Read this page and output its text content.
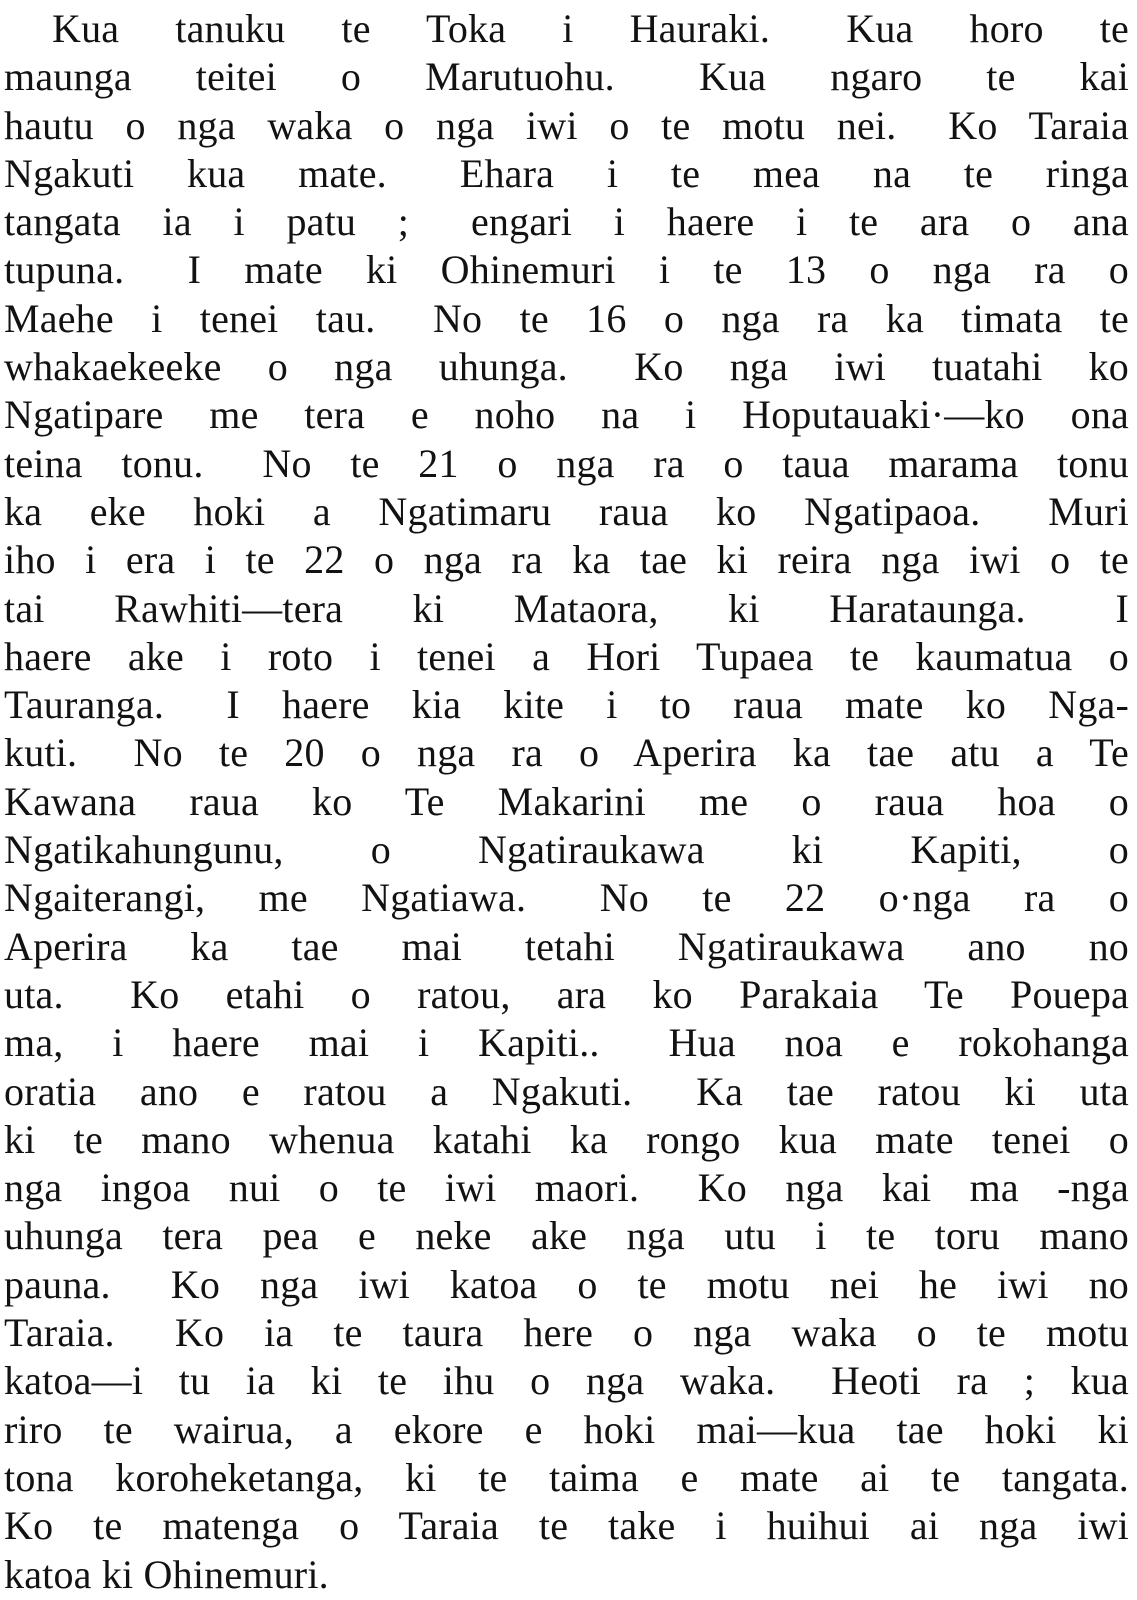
Kua tanuku te Toka i Hauraki.  Kua horo te
maunga teitei o Marutuohu.  Kua ngaro te kai
hautu o nga waka o nga iwi o te motu nei.  Ko Taraia
Ngakuti kua mate.  Ehara i te mea na te ringa
tangata ia i patu ;  engari i haere i te ara o ana
tupuna.  I mate ki Ohinemuri i te 13 o nga ra o
Maehe i tenei tau.  No te 16 o nga ra ka timata te
whakaekeeke o nga uhunga.  Ko nga iwi tuatahi ko
Ngatipare me tera e noho na i Hoputauaki·—ko ona
teina tonu.  No te 21 o nga ra o taua marama tonu
ka eke hoki a Ngatimaru raua ko Ngatipaoa.  Muri
iho i era i te 22 o nga ra ka tae ki reira nga iwi o te
tai Rawhiti—tera ki Mataora, ki Harataunga.  I
haere ake i roto i tenei a Hori Tupaea te kaumatua o
Tauranga.  I haere kia kite i to raua mate ko Nga-
kuti.  No te 20 o nga ra o Aperira ka tae atu a Te
Kawana raua ko Te Makarini me o raua hoa o
Ngatikahungunu, o Ngatiraukawa ki Kapiti, o
Ngaiterangi, me Ngatiawa.  No te 22 o·nga ra o
Aperira ka tae mai tetahi Ngatiraukawa ano no
uta.  Ko etahi o ratou, ara ko Parakaia Te Pouepa
ma, i haere mai i Kapiti..  Hua noa e rokohanga
oratia ano e ratou a Ngakuti.  Ka tae ratou ki uta
ki te mano whenua katahi ka rongo kua mate tenei o
nga ingoa nui o te iwi maori.  Ko nga kai ma -nga
uhunga tera pea e neke ake nga utu i te toru mano
pauna.  Ko nga iwi katoa o te motu nei he iwi no
Taraia.  Ko ia te taura here o nga waka o te motu
katoa—i tu ia ki te ihu o nga waka.  Heoti ra ; kua
riro te wairua, a ekore e hoki mai—kua tae hoki ki
tona koroheketanga, ki te taima e mate ai te tangata.
Ko te matenga o Taraia te take i huihui ai nga iwi
katoa ki Ohinemuri.
